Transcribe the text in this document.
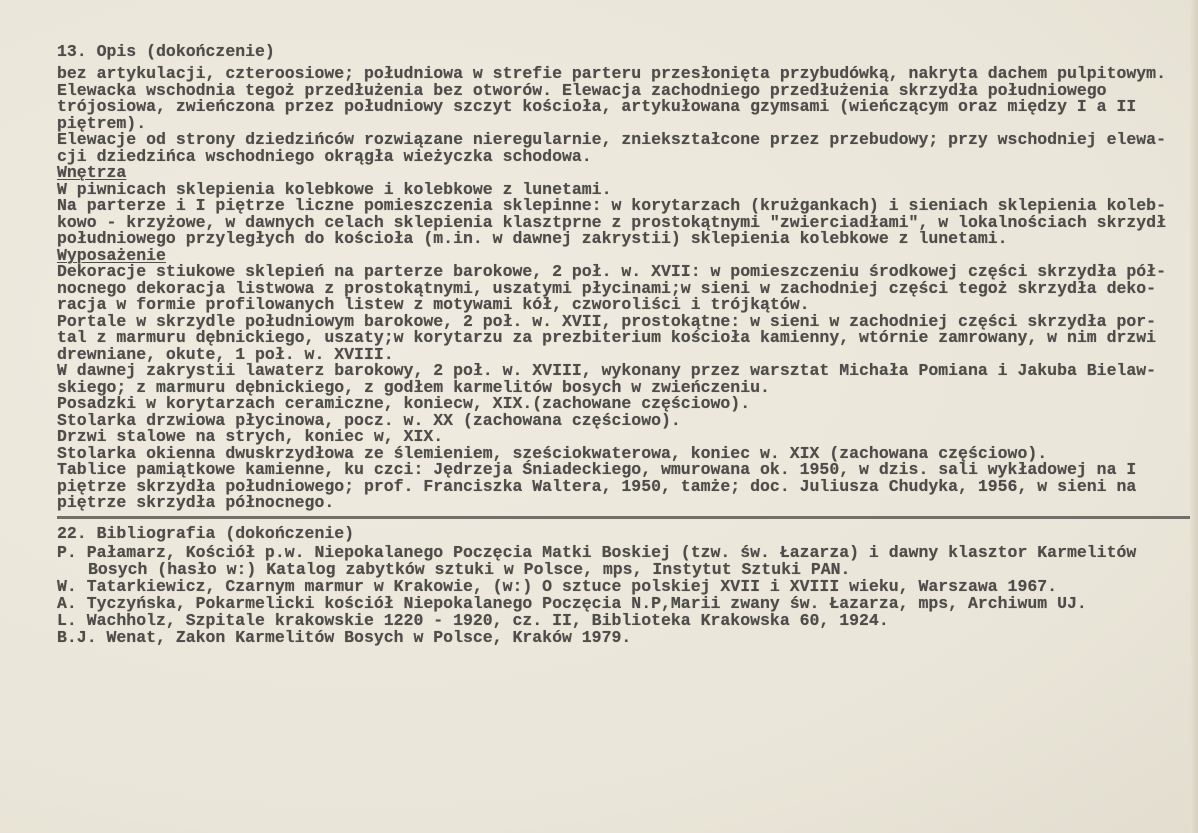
13. Opis (dokończenie)
bez artykulacji, czteroosiowe; południowa w strefie parteru przesłonięta przybudówką, nakryta dachem pulpitowym.
Elewacka wschodnia tegoż przedłużenia bez otworów. Elewacja zachodniego przedłużenia skrzydła południowego
trójosiowa, zwieńczona przez południowy szczyt kościoła, artykułowana gzymsami (wieńczącym oraz między I a II
piętrem).
Elewacje od strony dziedzińców rozwiązane nieregularnie, zniekształcone przez przebudowy; przy wschodniej elewa-
cji dziedzińca wschodniego okrągła wieżyczka schodowa.
Wnętrza
W piwnicach sklepienia kolebkowe i kolebkowe z lunetami.
Na parterze i I piętrze liczne pomieszczenia sklepinne: w korytarzach (krużgankach) i sieniach sklepienia koleb-
kowo - krzyżowe, w dawnych celach sklepienia klasztprne z prostokątnymi "zwierciadłami", w lokalnościach skrzydł
południowego przyległych do kościoła (m.in. w dawnej zakrystii) sklepienia kolebkowe z lunetami.
Wyposażenie
Dekoracje stiukowe sklepień na parterze barokowe, 2 poł. w. XVII: w pomieszczeniu środkowej części skrzydła pół-
nocnego dekoracja listwowa z prostokątnymi, uszatymi płycinami;w sieni w zachodniej części tegoż skrzydła deko-
racja w formie profilowanych listew z motywami kół, czworoliści i trójkątów.
Portale w skrzydle południowym barokowe, 2 poł. w. XVII, prostokątne: w sieni w zachodniej części skrzydła por-
tal z marmuru dębnickiego, uszaty;w korytarzu za prezbiterium kościoła kamienny, wtórnie zamrowany, w nim drzwi
drewniane, okute, 1 poł. w. XVIII.
W dawnej zakrystii lawaterz barokowy, 2 poł. w. XVIII, wykonany przez warsztat Michała Pomiana i Jakuba Bielaw-
skiego; z marmuru dębnickiego, z godłem karmelitów bosych w zwieńczeniu.
Posadzki w korytarzach ceramiczne, koniecw, XIX.(zachowane częściowo).
Stolarka drzwiowa płycinowa, pocz. w. XX (zachowana częściowo).
Drzwi stalowe na strych, koniec w, XIX.
Stolarka okienna dwuskrzydłowa ze ślemieniem, sześciokwaterowa, koniec w. XIX (zachowana częściowo).
Tablice pamiątkowe kamienne, ku czci: Jędrzeja Śniadeckiego, wmurowana ok. 1950, w dzis. sali wykładowej na I
piętrze skrzydła południowego; prof. Franciszka Waltera, 1950, tamże; doc. Juliusza Chudyka, 1956, w sieni na
piętrze skrzydła północnego.
22. Bibliografia (dokończenie)
P. Pałamarz, Kościół p.w. Niepokalanego Poczęcia Matki Boskiej (tzw. św. Łazarza) i dawny klasztor Karmelitów
Bosych (hasło w:) Katalog zabytków sztuki w Polsce, mps, Instytut Sztuki PAN.
W. Tatarkiewicz, Czarnym marmur w Krakowie, (w:) O sztuce polskiej XVII i XVIII wieku, Warszawa 1967.
A. Tyczyńska, Pokarmelicki kościół Niepokalanego Poczęcia N.P,Marii zwany św. Łazarza, mps, Archiwum UJ.
L. Wachholz, Szpitale krakowskie 1220 - 1920, cz. II, Biblioteka Krakowska 60, 1924.
B.J. Wenat, Zakon Karmelitów Bosych w Polsce, Kraków 1979.
